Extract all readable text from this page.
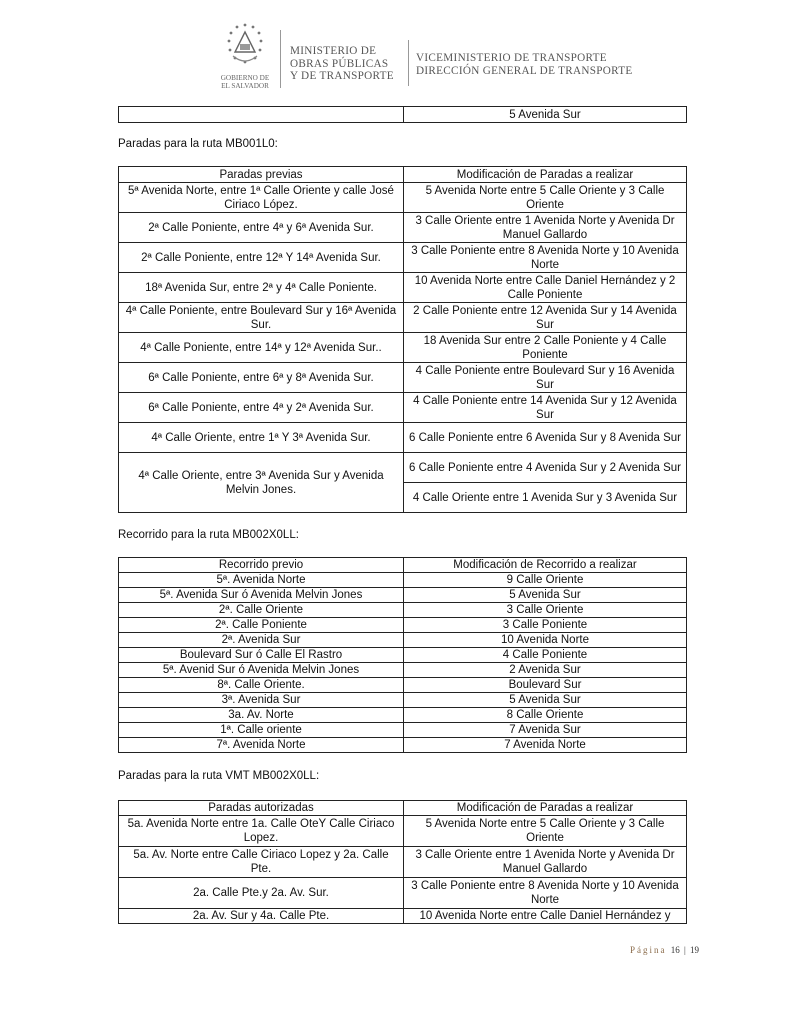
GOBIERNO DE
EL SALVADOR
MINISTERIO DE
OBRAS PÚBLICAS
Y DE TRANSPORTE
VICEMINISTERIO DE TRANSPORTE
DIRECCIÓN GENERAL DE TRANSPORTE
	5 Avenida Sur
Paradas para la ruta MB001L0:
Paradas previas	Modificación de Paradas a realizar
5ª Avenida Norte, entre 1ª Calle Oriente y calle José Ciriaco López.	5 Avenida Norte entre 5 Calle Oriente y 3 Calle Oriente
2ª Calle Poniente, entre 4ª y 6ª Avenida Sur.	3 Calle Oriente entre 1 Avenida Norte y Avenida Dr Manuel Gallardo
2ª Calle Poniente, entre 12ª Y 14ª Avenida Sur.	3 Calle Poniente entre 8 Avenida Norte y 10 Avenida Norte
18ª Avenida Sur, entre 2ª y 4ª Calle Poniente.	10 Avenida Norte entre Calle Daniel Hernández y 2 Calle Poniente
4ª Calle Poniente, entre Boulevard Sur y 16ª Avenida Sur.	2 Calle Poniente entre 12 Avenida Sur y 14 Avenida Sur
4ª Calle Poniente, entre 14ª y 12ª Avenida Sur..	18 Avenida Sur entre 2 Calle Poniente y 4 Calle Poniente
6ª Calle Poniente, entre 6ª y 8ª Avenida Sur.	4 Calle Poniente entre Boulevard Sur y 16 Avenida Sur
6ª Calle Poniente, entre 4ª y 2ª Avenida Sur.	4 Calle Poniente entre 14 Avenida Sur y 12 Avenida Sur
4ª Calle Oriente, entre 1ª Y 3ª Avenida Sur.	6 Calle Poniente entre 6 Avenida Sur y 8 Avenida Sur
4ª Calle Oriente, entre 3ª Avenida Sur y Avenida Melvin Jones.	6 Calle Poniente entre 4 Avenida Sur y 2 Avenida Sur
	4 Calle Oriente entre 1 Avenida Sur y 3 Avenida Sur
Recorrido para la ruta MB002X0LL:
Recorrido previo	Modificación de Recorrido a realizar
5ª. Avenida Norte	9 Calle Oriente
5ª. Avenida Sur ó Avenida Melvin Jones	5 Avenida Sur
2ª. Calle Oriente	3 Calle Oriente
2ª. Calle Poniente	3 Calle Poniente
2ª. Avenida Sur	10 Avenida Norte
Boulevard Sur ó Calle El Rastro	4 Calle Poniente
5ª. Avenid Sur ó Avenida Melvin Jones	2 Avenida Sur
8ª. Calle Oriente.	Boulevard Sur
3ª. Avenida Sur	5 Avenida Sur
3a. Av. Norte	8 Calle Oriente
1ª. Calle oriente	7 Avenida Sur
7ª. Avenida Norte	7 Avenida Norte
Paradas para la ruta VMT MB002X0LL:
Paradas autorizadas	Modificación de Paradas a realizar
5a. Avenida Norte entre 1a. Calle OteY Calle Ciriaco Lopez.	5 Avenida Norte entre 5 Calle Oriente y 3 Calle Oriente
5a. Av. Norte entre Calle Ciriaco Lopez y 2a. Calle Pte.	3 Calle Oriente entre 1 Avenida Norte y Avenida Dr Manuel Gallardo
2a. Calle Pte.y 2a. Av. Sur.	3 Calle Poniente entre 8 Avenida Norte y 10 Avenida Norte
2a. Av. Sur y 4a. Calle Pte.	10 Avenida Norte entre Calle Daniel Hernández y
Página 16 | 19
